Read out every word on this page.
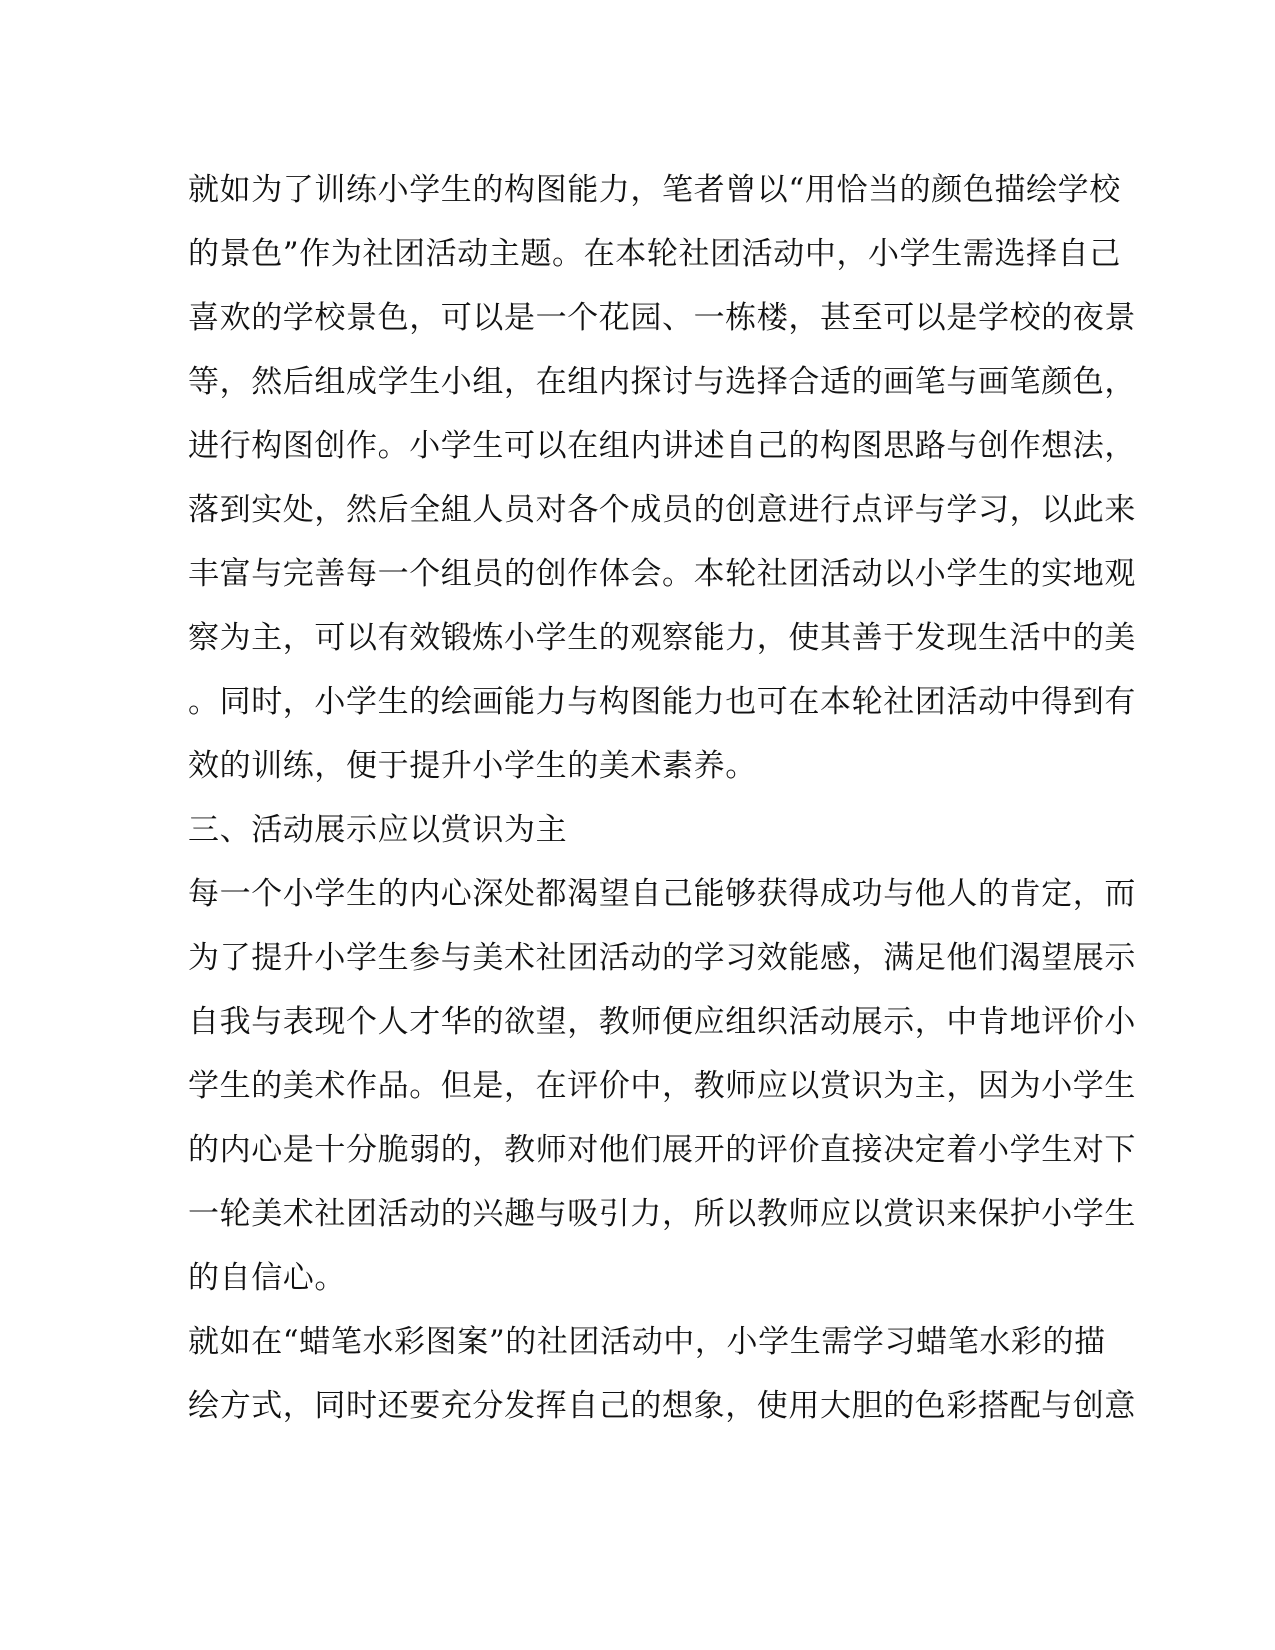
就如为了训练小学生的构图能力，笔者曾以“用恰当的颜色描绘学校
的景色”作为社团活动主题。在本轮社团活动中，小学生需选择自己
喜欢的学校景色，可以是一个花园、一栋楼，甚至可以是学校的夜景
等，然后组成学生小组，在组内探讨与选择合适的画笔与画笔颜色，
进行构图创作。小学生可以在组内讲述自己的构图思路与创作想法，
落到实处，然后全組人员对各个成员的创意进行点评与学习，以此来
丰富与完善每一个组员的创作体会。本轮社团活动以小学生的实地观
察为主，可以有效锻炼小学生的观察能力，使其善于发现生活中的美
。同时，小学生的绘画能力与构图能力也可在本轮社团活动中得到有
效的训练，便于提升小学生的美术素养。
三、活动展示应以赏识为主
每一个小学生的内心深处都渴望自己能够获得成功与他人的肯定，而
为了提升小学生参与美术社团活动的学习效能感，满足他们渴望展示
自我与表现个人才华的欲望，教师便应组织活动展示，中肯地评价小
学生的美术作品。但是，在评价中，教师应以赏识为主，因为小学生
的内心是十分脆弱的，教师对他们展开的评价直接决定着小学生对下
一轮美术社团活动的兴趣与吸引力，所以教师应以赏识来保护小学生
的自信心。
就如在“蜡笔水彩图案”的社团活动中，小学生需学习蜡笔水彩的描
绘方式，同时还要充分发挥自己的想象，使用大胆的色彩搭配与创意
